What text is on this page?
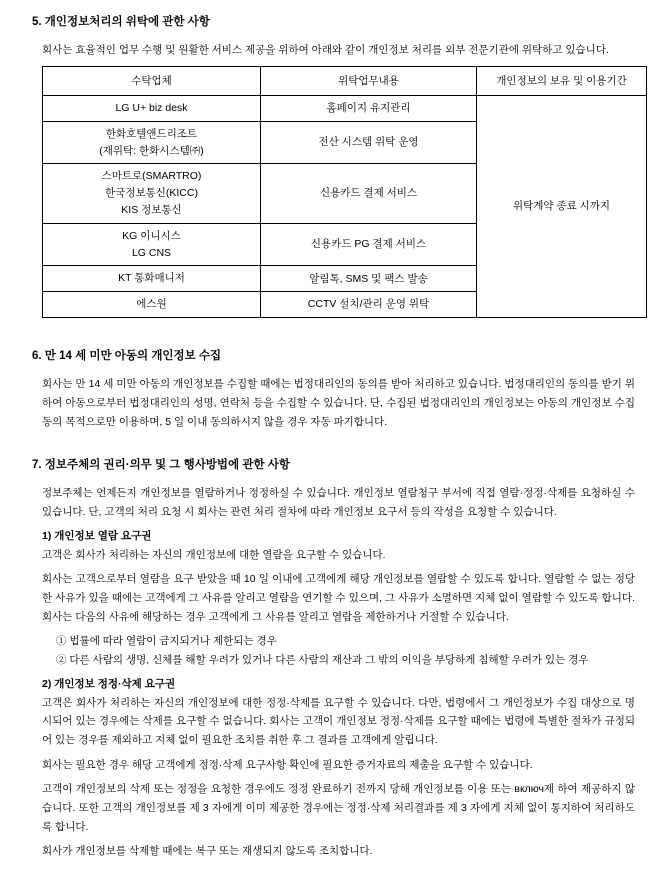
5. 개인정보처리의 위탁에 관한 사항

회사는 효율적인 업무 수행 및 원활한 서비스 제공을 위하여 아래와 같이 개인정보 처리를 외부 전문기관에 위탁하고 있습니다.

수탁업체	위탁업무내용	개인정보의 보유 및 이용기간

LG U+ biz desk	홈페이지 유지관리	위탁계약 종료 시까지

한화호텔앤드리조트
(재위탁: 한화시스템㈜)	전산 시스템 위탁 운영	

스마트로(SMARTRO)
한국정보통신(KICC)
KIS 정보통신	신용카드 결제 서비스	

KG 이니시스
LG CNS	신용카드 PG 결제 서비스	

KT 통화매니저	알림톡, SMS 및 팩스 발송	

에스원	CCTV 설치/관리 운영 위탁	
6. 만 14 세 미만 아동의 개인정보 수집

회사는 만 14 세 미만 아동의 개인정보를 수집할 때에는 법정대리인의 동의를 받아 처리하고 있습니다. 법정대리인의 동의를 받기 위하여 아동으로부터 법정대리인의 성명, 연락처 등을 수집할 수 있습니다. 단, 수집된 법정대리인의 개인정보는 아동의 개인정보 수집 동의 목적으로만 이용하며, 5 일 이내 동의하시지 않을 경우 자동 파기합니다.

7. 정보주체의 권리·의무 및 그 행사방법에 관한 사항

정보주체는 언제든지 개인정보를 열람하거나 정정하실 수 있습니다. 개인정보 열람청구 부서에 직접 열람·정정·삭제를 요청하실 수 있습니다. 단, 고객의 처리 요청 시 회사는 관련 처리 절차에 따라 개인정보 요구서 등의 작성을 요청할 수 있습니다.

1) 개인정보 열람 요구권

고객은 회사가 처리하는 자신의 개인정보에 대한 열람을 요구할 수 있습니다.

회사는 고객으로부터 열람을 요구 받았을 때 10 일 이내에 고객에게 해당 개인정보를 열람할 수 있도록 합니다. 열람할 수 없는 정당한 사유가 있을 때에는 고객에게 그 사유를 알리고 열람을 연기할 수 있으며, 그 사유가 소멸하면 지체 없이 열람할 수 있도록 합니다. 회사는 다음의 사유에 해당하는 경우 고객에게 그 사유를 알리고 열람을 제한하거나 거절할 수 있습니다.

① 법률에 따라 열람이 금지되거나 제한되는 경우

② 다른 사람의 생명, 신체를 해할 우려가 있거나 다른 사람의 재산과 그 밖의 이익을 부당하게 침해할 우려가 있는 경우

2) 개인정보 정정·삭제 요구권

고객은 회사가 처리하는 자신의 개인정보에 대한 정정·삭제를 요구할 수 있습니다. 다만, 법령에서 그 개인정보가 수집 대상으로 명시되어 있는 경우에는 삭제를 요구할 수 없습니다. 회사는 고객이 개인정보 정정·삭제를 요구할 때에는 법령에 특별한 절차가 규정되어 있는 경우를 제외하고 지체 없이 필요한 조치를 취한 후 그 결과를 고객에게 알립니다.

회사는 필요한 경우 해당 고객에게 정정·삭제 요구사항 확인에 필요한 증거자료의 제출을 요구할 수 있습니다.

고객이 개인정보의 삭제 또는 정정을 요청한 경우에도 정정 완료하기 전까지 당해 개인정보를 이용 또는 включ제 하여 제공하지 않습니다. 또한 고객의 개인정보를 제 3 자에게 이미 제공한 경우에는 정정·삭제 처리결과를 제 3 자에게 지체 없이 통지하여 처리하도록 합니다.

회사가 개인정보를 삭제할 때에는 복구 또는 재생되지 않도록 조치합니다.
